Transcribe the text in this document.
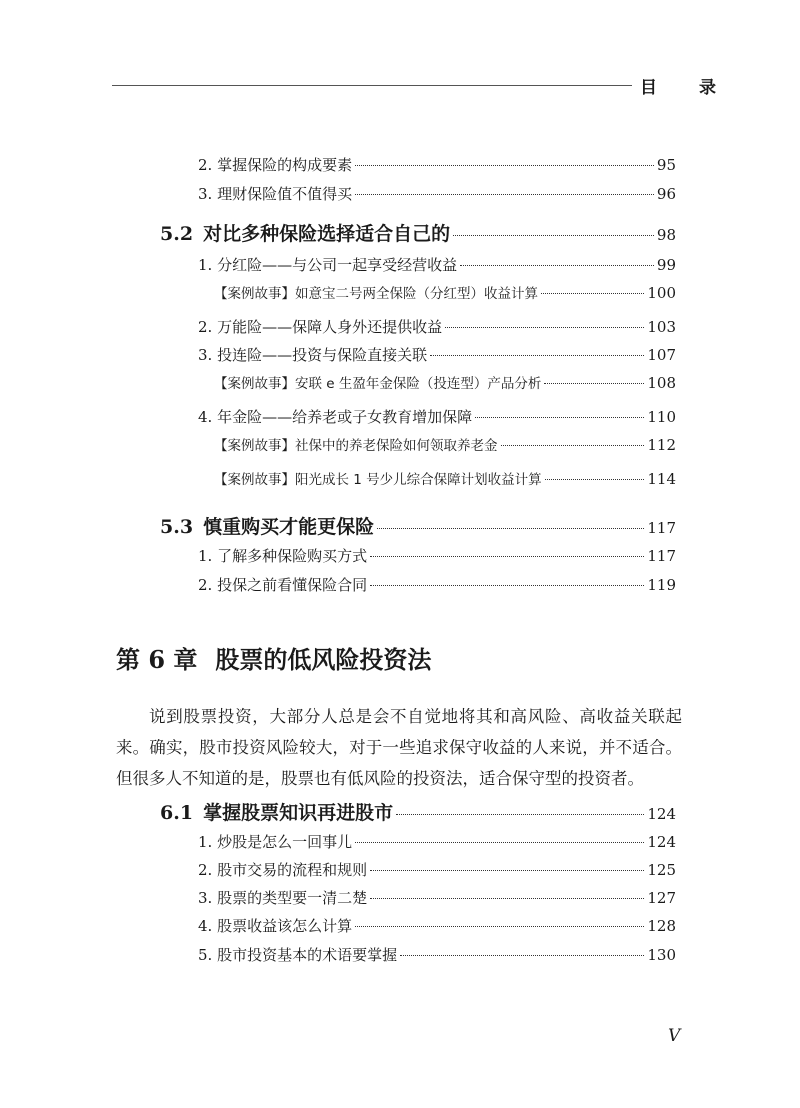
目 录
2. 掌握保险的构成要素	95
3. 理财保险值不值得买	96
5.2 对比多种保险选择适合自己的	98
1. 分红险——与公司一起享受经营收益	99
【案例故事】如意宝二号两全保险（分红型）收益计算	100
2. 万能险——保障人身外还提供收益	103
3. 投连险——投资与保险直接关联	107
【案例故事】安联 e 生盈年金保险（投连型）产品分析	108
4. 年金险——给养老或子女教育增加保障	110
【案例故事】社保中的养老保险如何领取养老金	112
【案例故事】阳光成长 1 号少儿综合保障计划收益计算	114
5.3 慎重购买才能更保险	117
1. 了解多种保险购买方式	117
2. 投保之前看懂保险合同	119
第 6 章 股票的低风险投资法

说到股票投资，大部分人总是会不自觉地将其和高风险、高收益关联起来。确实，股市投资风险较大，对于一些追求保守收益的人来说，并不适合。但很多人不知道的是，股票也有低风险的投资法，适合保守型的投资者。

6.1 掌握股票知识再进股市	124
1. 炒股是怎么一回事儿	124
2. 股市交易的流程和规则	125
3. 股票的类型要一清二楚	127
4. 股票收益该怎么计算	128
5. 股市投资基本的术语要掌握	130
V
